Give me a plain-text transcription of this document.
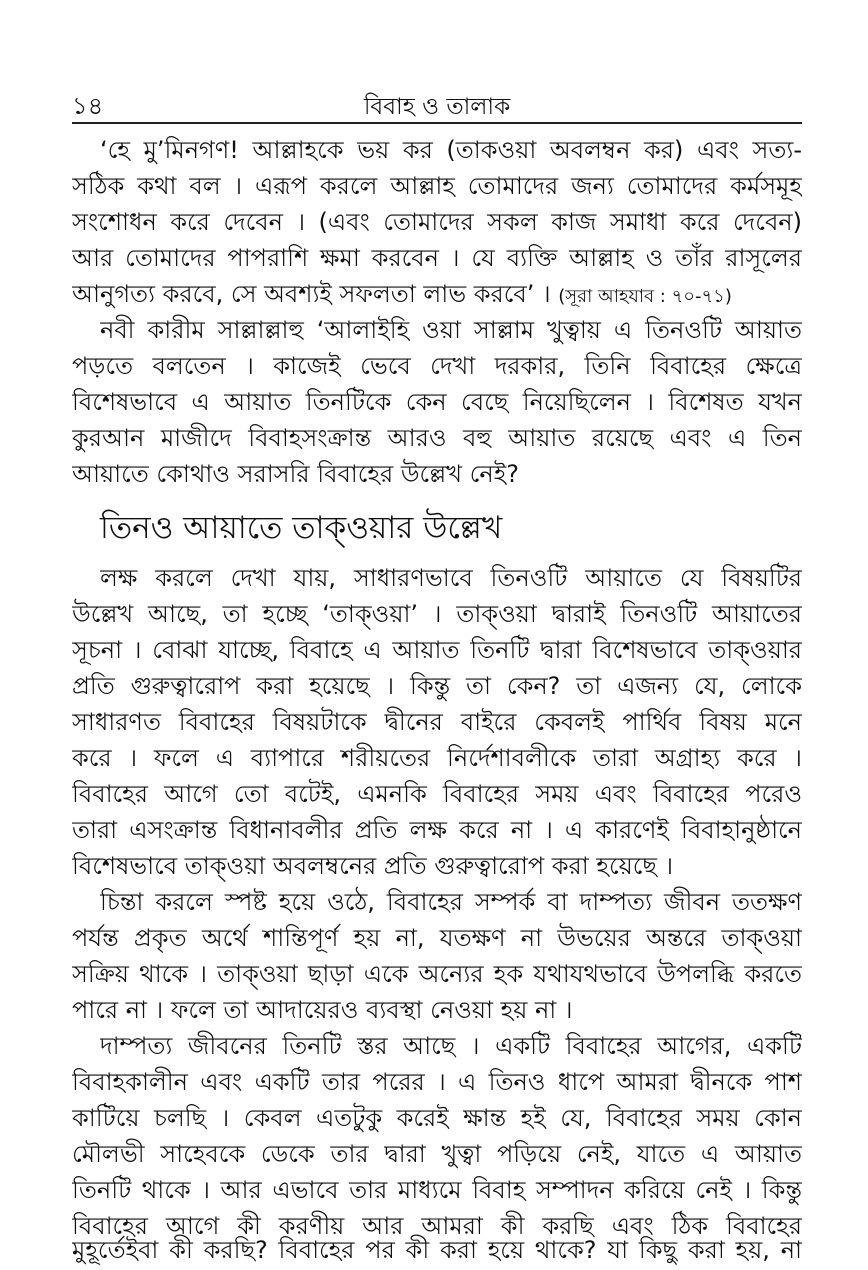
১৪	বিবাহ ও তালাক
‘হে মু’মিনগণ! আল্লাহকে ভয় কর (তাকওয়া অবলম্বন কর) এবং সত্য-
সঠিক কথা বল । এরূপ করলে আল্লাহ তোমাদের জন্য তোমাদের কর্মসমূহ
সংশোধন করে দেবেন । (এবং তোমাদের সকল কাজ সমাধা করে দেবেন)
আর তোমাদের পাপরাশি ক্ষমা করবেন । যে ব্যক্তি আল্লাহ ও তাঁর রাসূলের
আনুগত্য করবে, সে অবশ্যই সফলতা লাভ করবে’ । (সূরা আহযাব : ৭০-৭১)
নবী কারীম সাল্লাল্লাহু ‘আলাইহি ওয়া সাল্লাম খুত্বায় এ তিনওটি আয়াত
পড়তে বলতেন । কাজেই ভেবে দেখা দরকার, তিনি বিবাহের ক্ষেত্রে
বিশেষভাবে এ আয়াত তিনটিকে কেন বেছে নিয়েছিলেন । বিশেষত যখন
কুরআন মাজীদে বিবাহসংক্রান্ত আরও বহু আয়াত রয়েছে এবং এ তিন
আয়াতে কোথাও সরাসরি বিবাহের উল্লেখ নেই?
তিনও আয়াতে তাক্ওয়ার উল্লেখ
লক্ষ করলে দেখা যায়, সাধারণভাবে তিনওটি আয়াতে যে বিষয়টির
উল্লেখ আছে, তা হচ্ছে ‘তাক্ওয়া’ । তাক্ওয়া দ্বারাই তিনওটি আয়াতের
সূচনা । বোঝা যাচ্ছে, বিবাহে এ আয়াত তিনটি দ্বারা বিশেষভাবে তাক্ওয়ার
প্রতি গুরুত্বারোপ করা হয়েছে । কিন্তু তা কেন? তা এজন্য যে, লোকে
সাধারণত বিবাহের বিষয়টাকে দ্বীনের বাইরে কেবলই পার্থিব বিষয় মনে
করে । ফলে এ ব্যাপারে শরীয়তের নির্দেশাবলীকে তারা অগ্রাহ্য করে ।
বিবাহের আগে তো বটেই, এমনকি বিবাহের সময় এবং বিবাহের পরেও
তারা এসংক্রান্ত বিধানাবলীর প্রতি লক্ষ করে না । এ কারণেই বিবাহানুষ্ঠানে
বিশেষভাবে তাক্ওয়া অবলম্বনের প্রতি গুরুত্বারোপ করা হয়েছে ।
চিন্তা করলে স্পষ্ট হয়ে ওঠে, বিবাহের সম্পর্ক বা দাম্পত্য জীবন ততক্ষণ
পর্যন্ত প্রকৃত অর্থে শান্তিপূর্ণ হয় না, যতক্ষণ না উভয়ের অন্তরে তাক্ওয়া
সক্রিয় থাকে । তাক্ওয়া ছাড়া একে অন্যের হক যথাযথভাবে উপলব্ধি করতে
পারে না । ফলে তা আদায়েরও ব্যবস্থা নেওয়া হয় না ।
দাম্পত্য জীবনের তিনটি স্তর আছে । একটি বিবাহের আগের, একটি
বিবাহকালীন এবং একটি তার পরের । এ তিনও ধাপে আমরা দ্বীনকে পাশ
কাটিয়ে চলছি । কেবল এতটুকু করেই ক্ষান্ত হই যে, বিবাহের সময় কোন
মৌলভী সাহেবকে ডেকে তার দ্বারা খুত্বা পড়িয়ে নেই, যাতে এ আয়াত
তিনটি থাকে । আর এভাবে তার মাধ্যমে বিবাহ সম্পাদন করিয়ে নেই । কিন্তু
বিবাহের আগে কী করণীয় আর আমরা কী করছি এবং ঠিক বিবাহের
মুহূর্তেইবা কী করছি? বিবাহের পর কী করা হয়ে থাকে? যা কিছু করা হয়, না
